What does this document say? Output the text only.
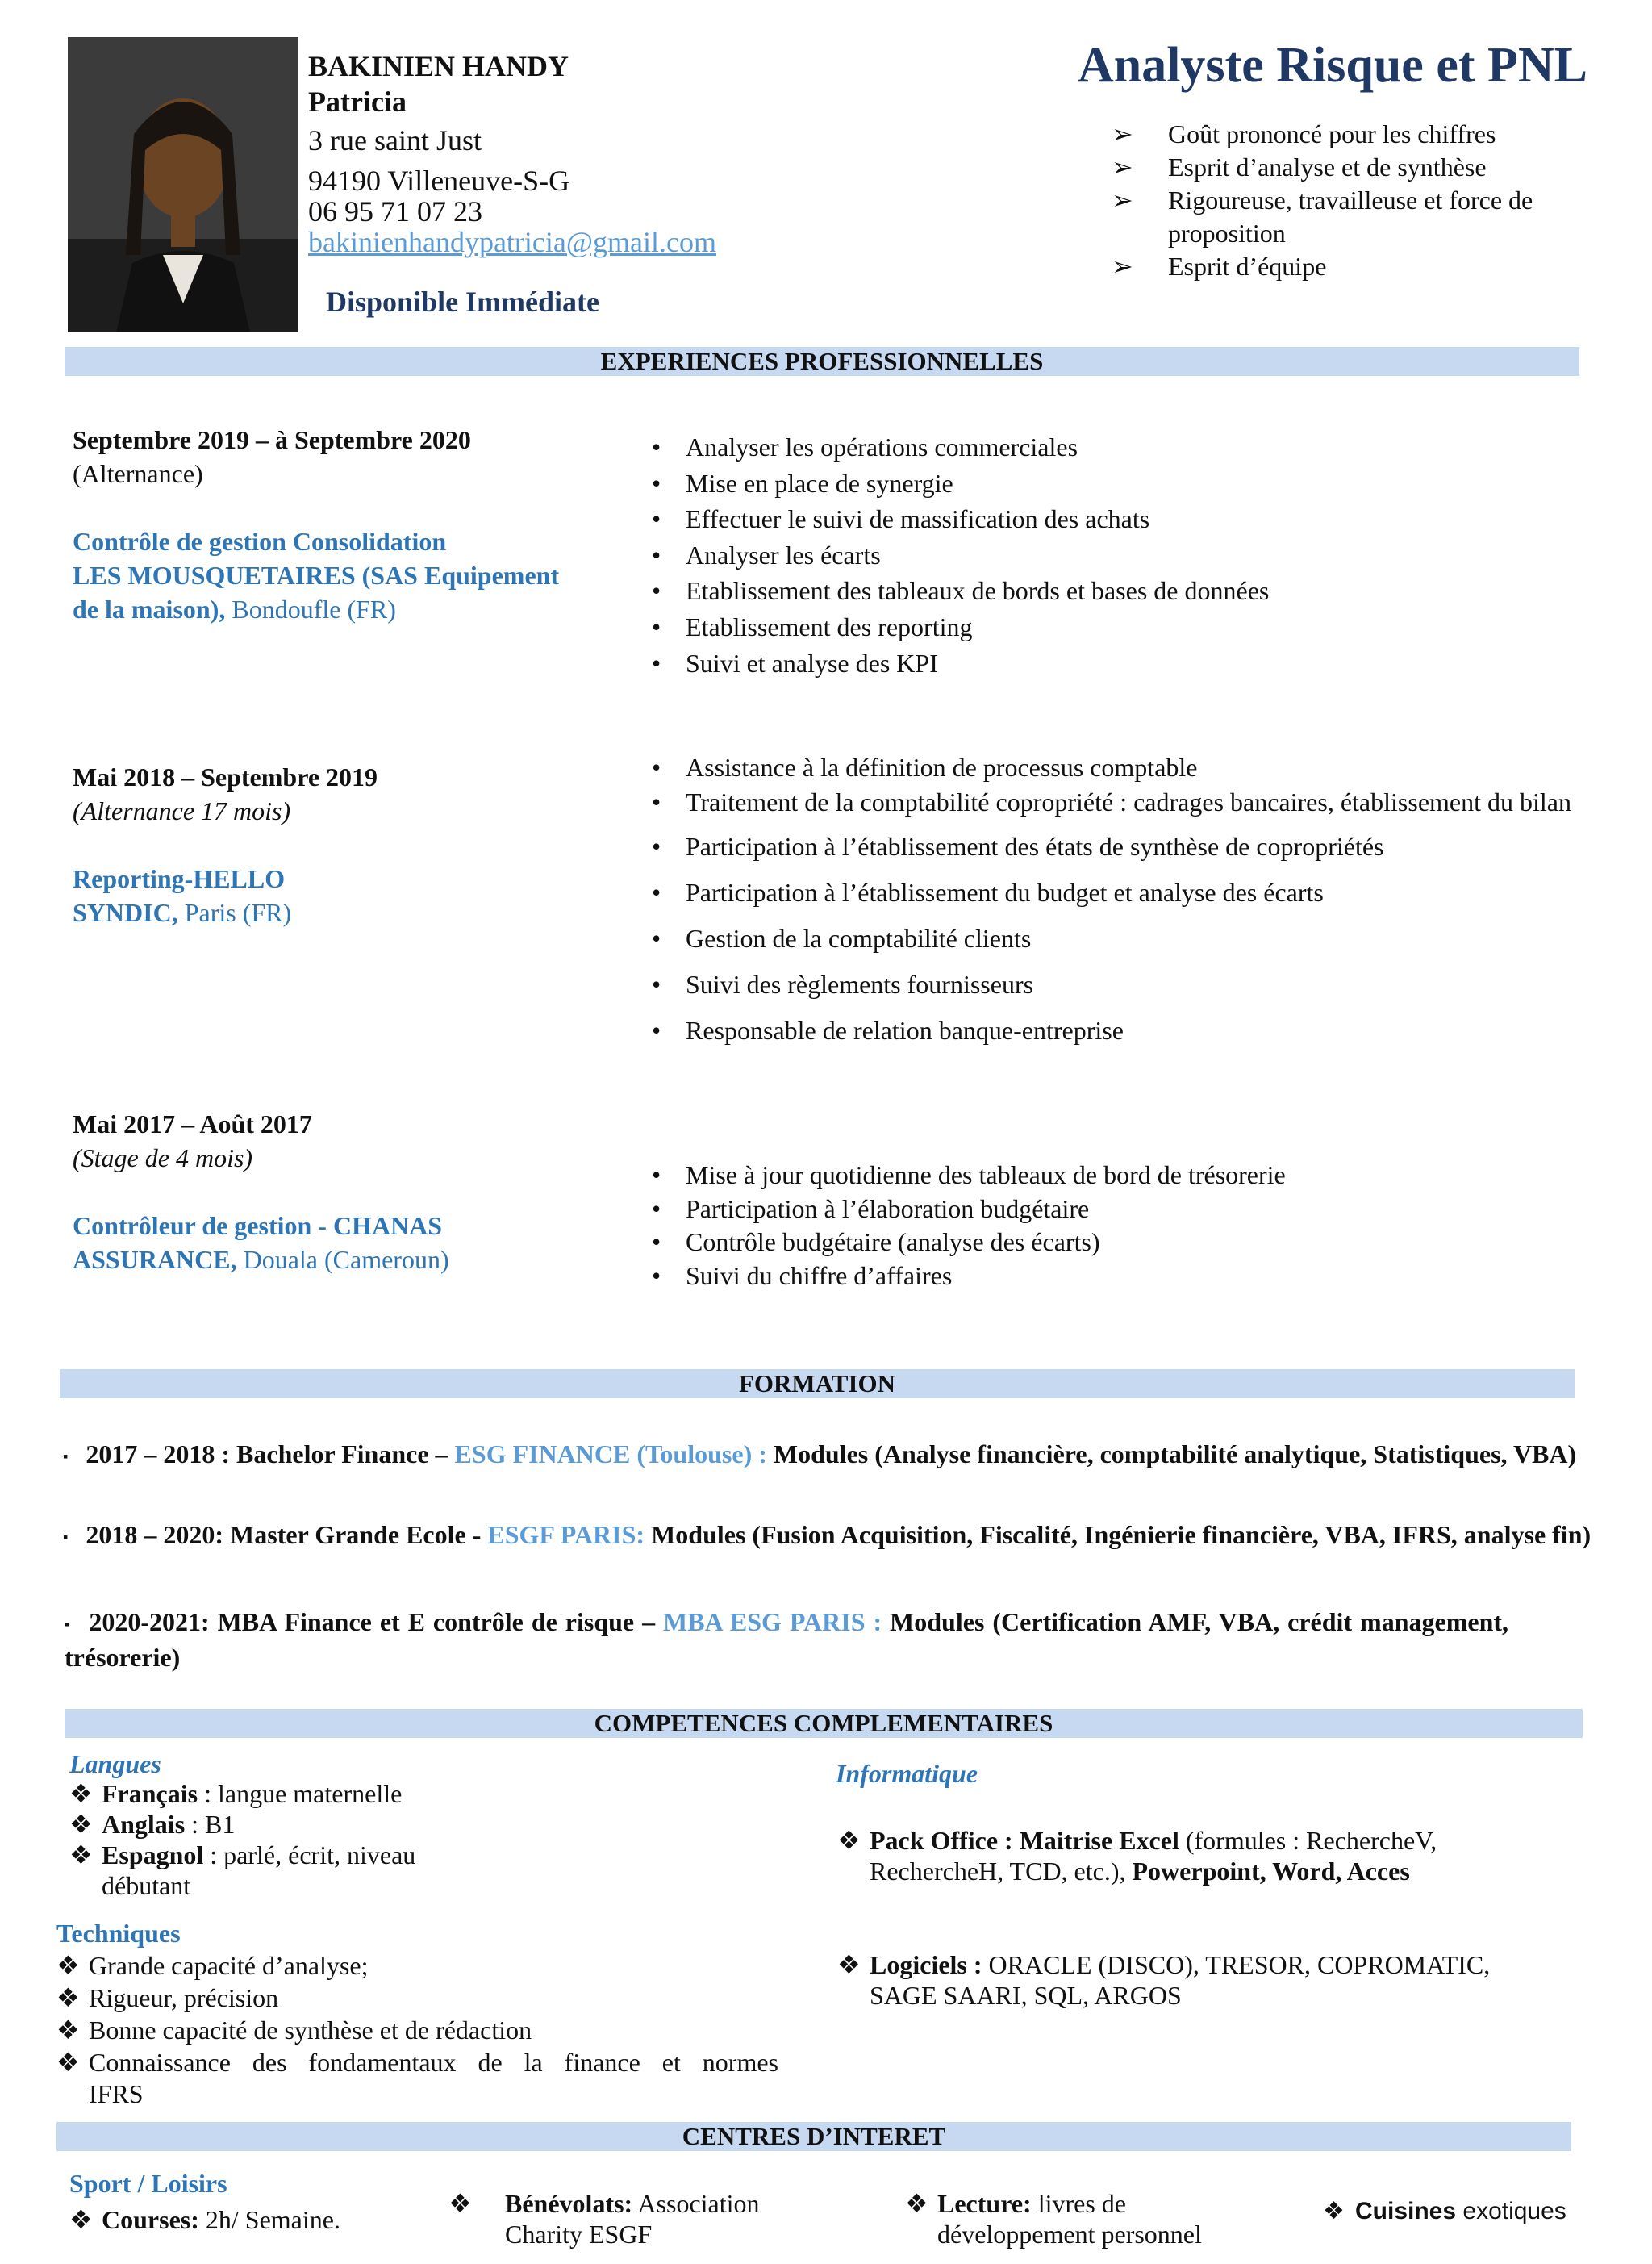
BAKINIEN HANDY
Patricia
3 rue saint Just
94190 Villeneuve-S-G
06 95 71 07 23
bakinienhandypatricia@gmail.com
Disponible Immédiate
Analyste Risque et PNL
➢ Goût prononcé pour les chiffres
➢ Esprit d’analyse et de synthèse
➢ Rigoureuse, travailleuse et force de
proposition
➢ Esprit d’équipe
EXPERIENCES PROFESSIONNELLES
Septembre 2019 – à Septembre 2020
(Alternance)
Contrôle de gestion Consolidation
LES MOUSQUETAIRES (SAS Equipement
de la maison), Bondoufle (FR)
• Analyser les opérations commerciales
• Mise en place de synergie
• Effectuer le suivi de massification des achats
• Analyser les écarts
• Etablissement des tableaux de bords et bases de données
• Etablissement des reporting
• Suivi et analyse des KPI
Mai 2018 – Septembre 2019
(Alternance 17 mois)
Reporting-HELLO
SYNDIC, Paris (FR)
• Assistance à la définition de processus comptable
• Traitement de la comptabilité copropriété : cadrages bancaires, établissement du bilan
• Participation à l’établissement des états de synthèse de copropriétés
• Participation à l’établissement du budget et analyse des écarts
• Gestion de la comptabilité clients
• Suivi des règlements fournisseurs
• Responsable de relation banque-entreprise
Mai 2017 – Août 2017
(Stage de 4 mois)
Contrôleur de gestion - CHANAS
ASSURANCE, Douala (Cameroun)
• Mise à jour quotidienne des tableaux de bord de trésorerie
• Participation à l’élaboration budgétaire
• Contrôle budgétaire (analyse des écarts)
• Suivi du chiffre d’affaires
FORMATION
▪ 2017 – 2018 : Bachelor Finance – ESG FINANCE (Toulouse) : Modules (Analyse financière, comptabilité analytique, Statistiques, VBA)
▪ 2018 – 2020: Master Grande Ecole - ESGF PARIS: Modules (Fusion Acquisition, Fiscalité, Ingénierie financière, VBA, IFRS, analyse fin)
▪ 2020-2021: MBA Finance et E contrôle de risque – MBA ESG PARIS : Modules (Certification AMF, VBA, crédit management, trésorerie)
COMPETENCES COMPLEMENTAIRES
Langues
❖ Français : langue maternelle
❖ Anglais : B1
❖ Espagnol : parlé, écrit, niveau
débutant
Techniques
❖ Grande capacité d’analyse;
❖ Rigueur, précision
❖ Bonne capacité de synthèse et de rédaction
❖ Connaissance des fondamentaux de la finance et normes
IFRS
Informatique
❖ Pack Office : Maitrise Excel (formules : RechercheV,
RechercheH, TCD, etc.), Powerpoint, Word, Acces
❖ Logiciels : ORACLE (DISCO), TRESOR, COPROMATIC,
SAGE SAARI, SQL, ARGOS
CENTRES D’INTERET
Sport / Loisirs
❖ Courses: 2h/ Semaine.
❖ Bénévolats: Association
Charity ESGF
❖ Lecture: livres de
développement personnel
❖ Cuisines exotiques
